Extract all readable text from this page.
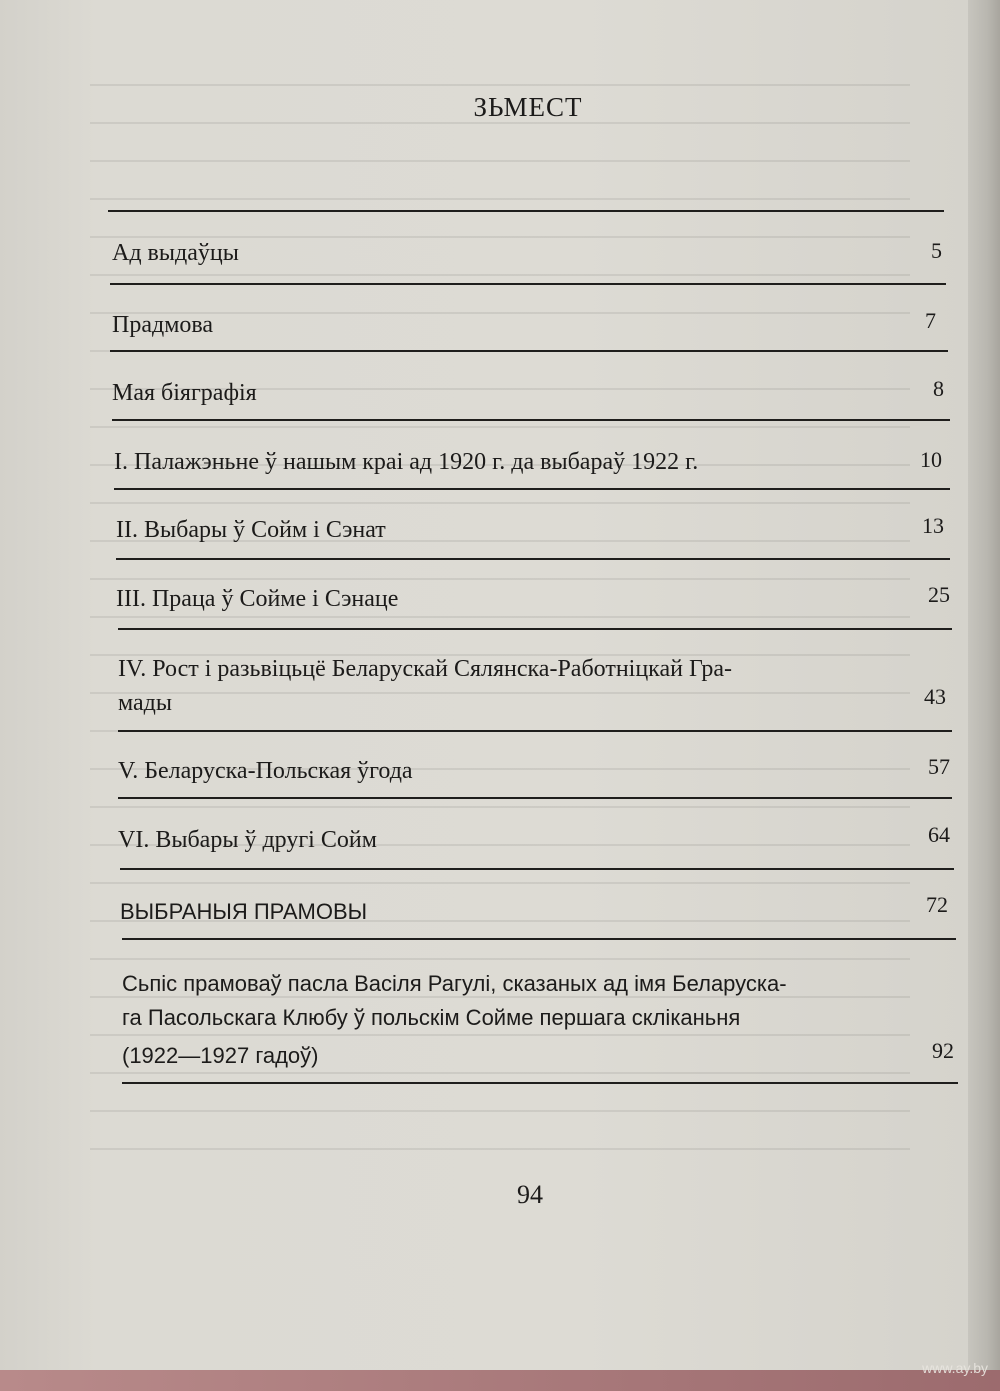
ЗЬМЕСТ
Ад выдаўцы	5
Прадмова	7
Мая біяграфія	8
I. Палажэньне ў нашым краі ад 1920 г. да выбараў 1922 г.	10
II. Выбары ў Сойм і Сэнат	13
III. Праца ў Сойме і Сэнаце	25
IV. Рост і разьвіцьцё Беларускай Сялянска-Работніцкай Гра-
мады	43
V. Беларуска-Польская ўгода	57
VI. Выбары ў другі Сойм	64
ВЫБРАНЫЯ ПРАМОВЫ	72
Сьпіс прамоваў пасла Васіля Рагулі, сказаных ад імя Беларуска-
га Пасольскага Клюбу ў польскім Сойме першага скліканьня
(1922—1927 гадоў)	92
94
www.ay.by
